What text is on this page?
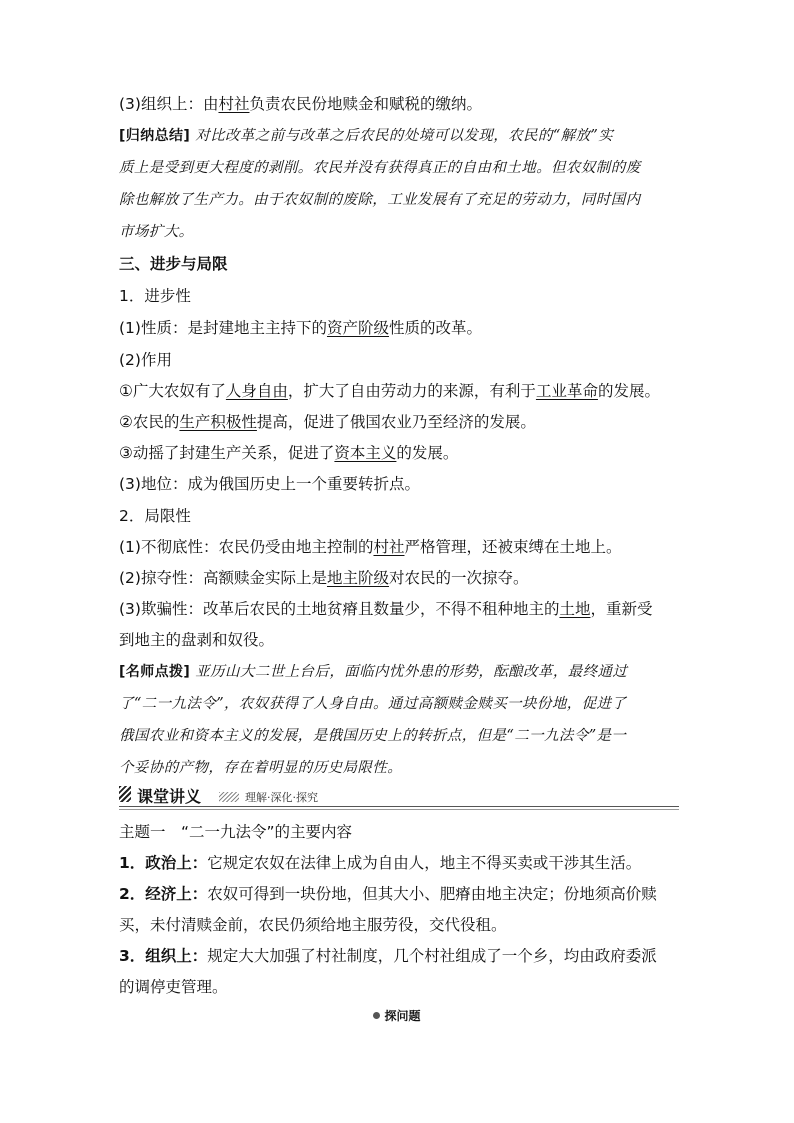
(3)组织上：由村社负责农民份地赎金和赋税的缴纳。
[归纳总结] 对比改革之前与改革之后农民的处境可以发现，农民的“解放”实
质上是受到更大程度的剥削。农民并没有获得真正的自由和土地。但农奴制的废
除也解放了生产力。由于农奴制的废除，工业发展有了充足的劳动力，同时国内
市场扩大。
三、进步与局限
1．进步性
(1)性质：是封建地主主持下的资产阶级性质的改革。
(2)作用
①广大农奴有了人身自由，扩大了自由劳动力的来源，有利于工业革命的发展。
②农民的生产积极性提高，促进了俄国农业乃至经济的发展。
③动摇了封建生产关系，促进了资本主义的发展。
(3)地位：成为俄国历史上一个重要转折点。
2．局限性
(1)不彻底性：农民仍受由地主控制的村社严格管理，还被束缚在土地上。
(2)掠夺性：高额赎金实际上是地主阶级对农民的一次掠夺。
(3)欺骗性：改革后农民的土地贫瘠且数量少，不得不租种地主的土地，重新受
到地主的盘剥和奴役。
[名师点拨] 亚历山大二世上台后，面临内忧外患的形势，酝酿改革，最终通过
了“二一九法令”，农奴获得了人身自由。通过高额赎金赎买一块份地，促进了
俄国农业和资本主义的发展，是俄国历史上的转折点，但是“二一九法令”是一
个妥协的产物，存在着明显的历史局限性。
课堂讲义	理解·深化·探究
主题一　“二一九法令”的主要内容
1．政治上：它规定农奴在法律上成为自由人，地主不得买卖或干涉其生活。
2．经济上：农奴可得到一块份地，但其大小、肥瘠由地主决定；份地须高价赎
买，未付清赎金前，农民仍须给地主服劳役，交代役租。
3．组织上：规定大大加强了村社制度，几个村社组成了一个乡，均由政府委派
的调停吏管理。
探问题
